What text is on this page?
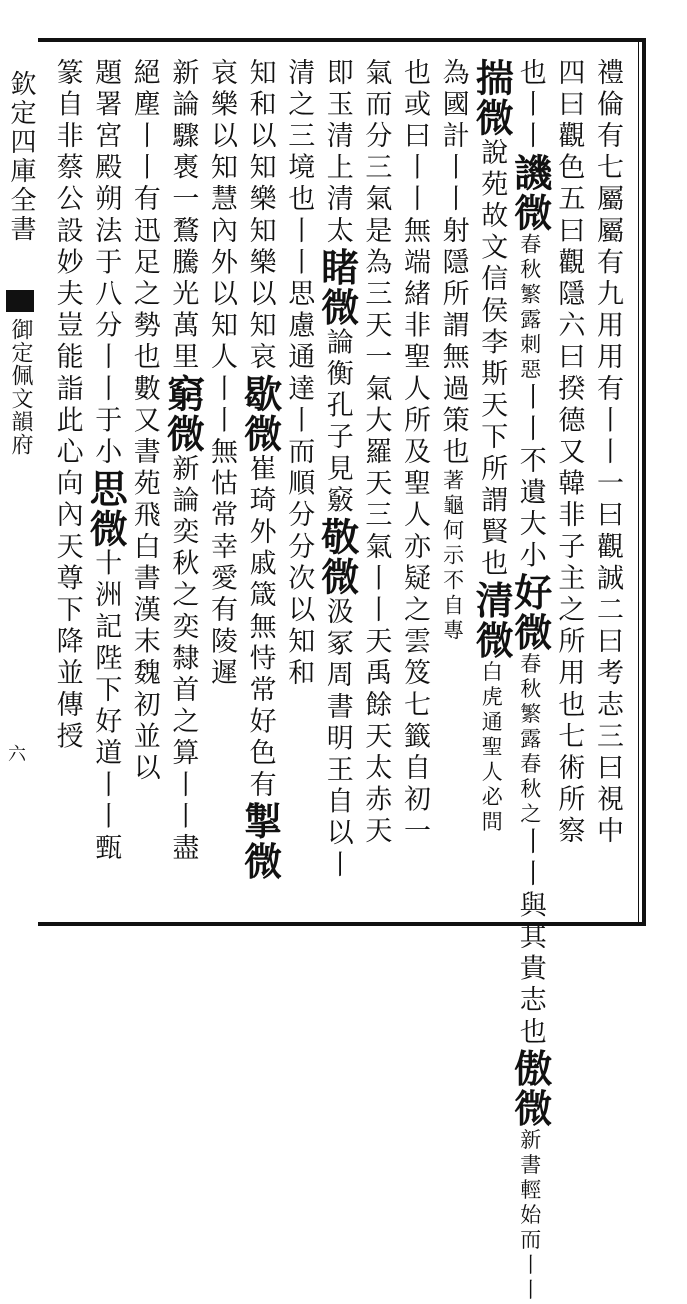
欽定四庫全書
御定佩文韻府
六	禮倫有七屬屬有九用用有丨丨一曰觀誠二曰考志三曰視中
四曰觀色五曰觀隱六曰揆德又韓非子主之所用也七術所察
也丨丨譏微春秋繁露刺惡丨丨不遺大小好微春秋繁露春秋之丨丨與其貴志也傲微新書輕始而丨丨
揣微說苑故文信侯李斯天下所謂賢也清微白虎通聖人必問
為國計丨丨射隱所謂無過策也著龜何示不自專
也或曰丨丨無端緒非聖人所及聖人亦疑之雲笈七籤自初一
氣而分三氣是為三天一氣大羅天三氣丨丨天禹餘天太赤天
即玉清上清太睹微論衡孔子見竅敬微汲冢周書明王自以丨
清之三境也丨丨思慮通達丨而順分分次以知和
知和以知樂知樂以知哀歇微崔琦外戚箴無恃常好色有掣微
哀樂以知慧內外以知人丨丨無怙常幸愛有陵遲
新論驟褭一鶩騰光萬里窮微新論奕秋之奕隸首之算丨丨盡
絕塵丨丨有迅足之勢也數又書苑飛白書漢末魏初並以
題署宮殿朔法于八分丨丨于小思微十洲記陛下好道丨丨甄
篆自非蔡公設妙夫豈能詣此心向內天尊下降並傳授
